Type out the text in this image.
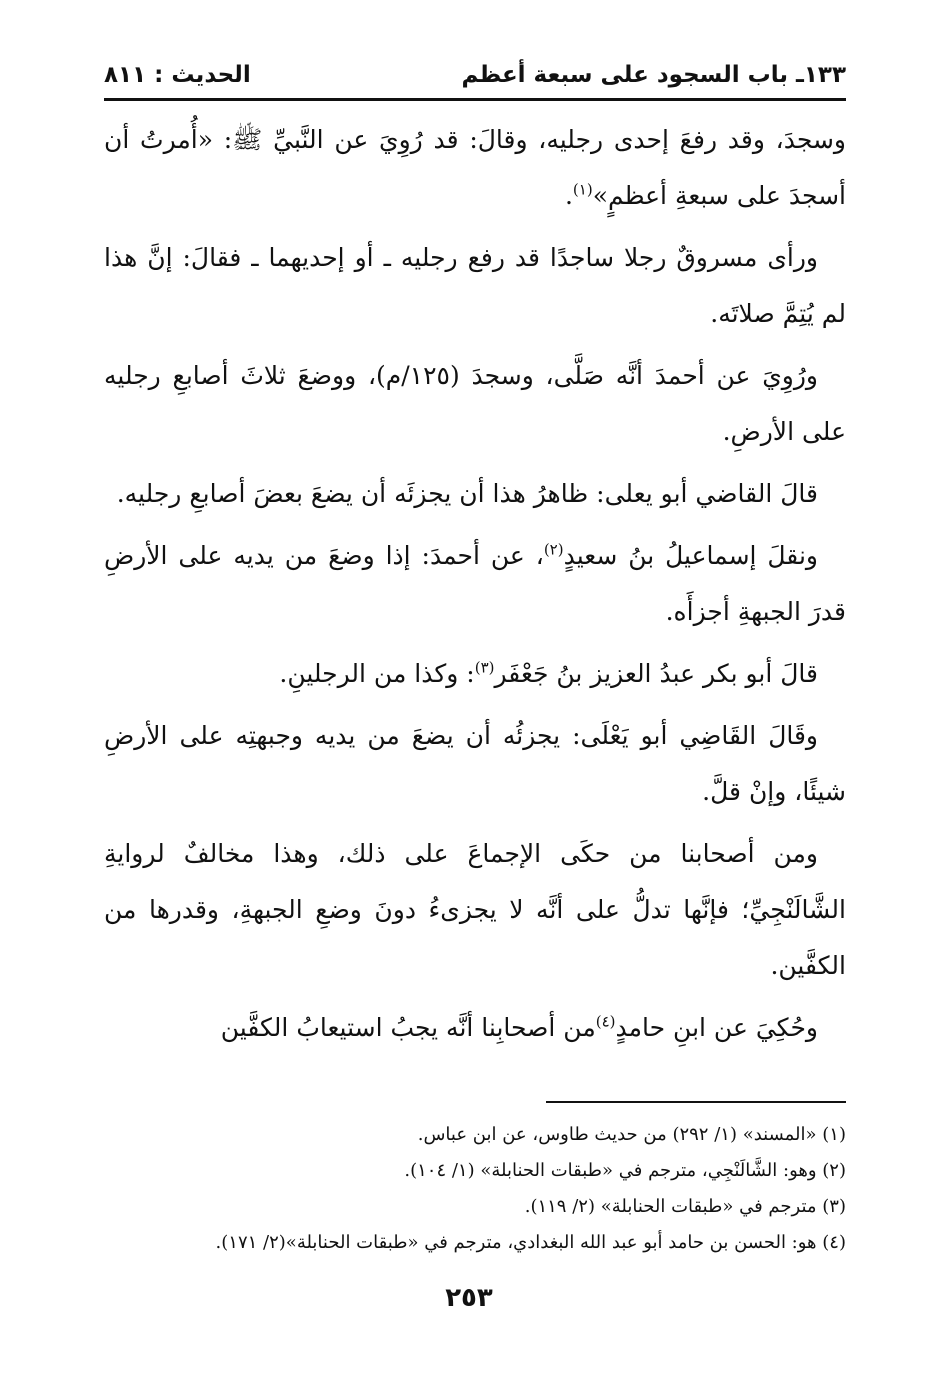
١٣٣ـ باب السجود على سبعة أعظم
الحديث : ٨١١

وسجدَ، وقد رفعَ إحدى رجليه، وقالَ: قد رُوِيَ عن النَّبيِّ ﷺ: «أُمرتُ أن أسجدَ على سبعةِ أعظمٍ»$^{(١)}$.

ورأى مسروقٌ رجلا ساجدًا قد رفع رجليه ـ أو إحديهما ـ فقالَ: إنَّ هذا لم يُتِمَّ صلاتَه.

ورُوِيَ عن أحمدَ أنَّه صَلَّى، وسجدَ (١٢٥/م)، ووضعَ ثلاثَ أصابعِ رجليه على الأرضِ.

قالَ القاضي أبو يعلى: ظاهرُ هذا أن يجزئَه أن يضعَ بعضَ أصابعِ رجليه.

ونقلَ إسماعيلُ بنُ سعيدٍ$^{(٢)}$، عن أحمدَ: إذا وضعَ من يديه على الأرضِ قدرَ الجبهةِ أجزأَه.

قالَ أبو بكر عبدُ العزيز بنُ جَعْفَر$^{(٣)}$: وكذا من الرجلينِ.

وقَالَ القَاضِي أبو يَعْلَى: يجزئُه أن يضعَ من يديه وجبهتِه على الأرضِ شيئًا، وإنْ قلَّ.

ومن أصحابنا من حكَى الإجماعَ على ذلك، وهذا مخالفٌ لروايةِ الشَّالَنْجِيِّ؛ فإنَّها تدلُّ على أنَّه لا يجزىءُ دونَ وضعِ الجبهةِ، وقدرها من الكفَّين.

وحُكِيَ عن ابنِ حامدٍ$^{(٤)}$من أصحابِنا أنَّه يجبُ استيعابُ الكفَّين

(١) «المسند» (١/ ٢٩٢) من حديث طاوس، عن ابن عباس.

(٢) وهو: الشَّالَنْجِي، مترجم في «طبقات الحنابلة» (١/ ١٠٤).

(٣) مترجم في «طبقات الحنابلة» (٢/ ١١٩).

(٤) هو: الحسن بن حامد أبو عبد الله البغدادي، مترجم في «طبقات الحنابلة»(٢/ ١٧١).

٢٥٣
